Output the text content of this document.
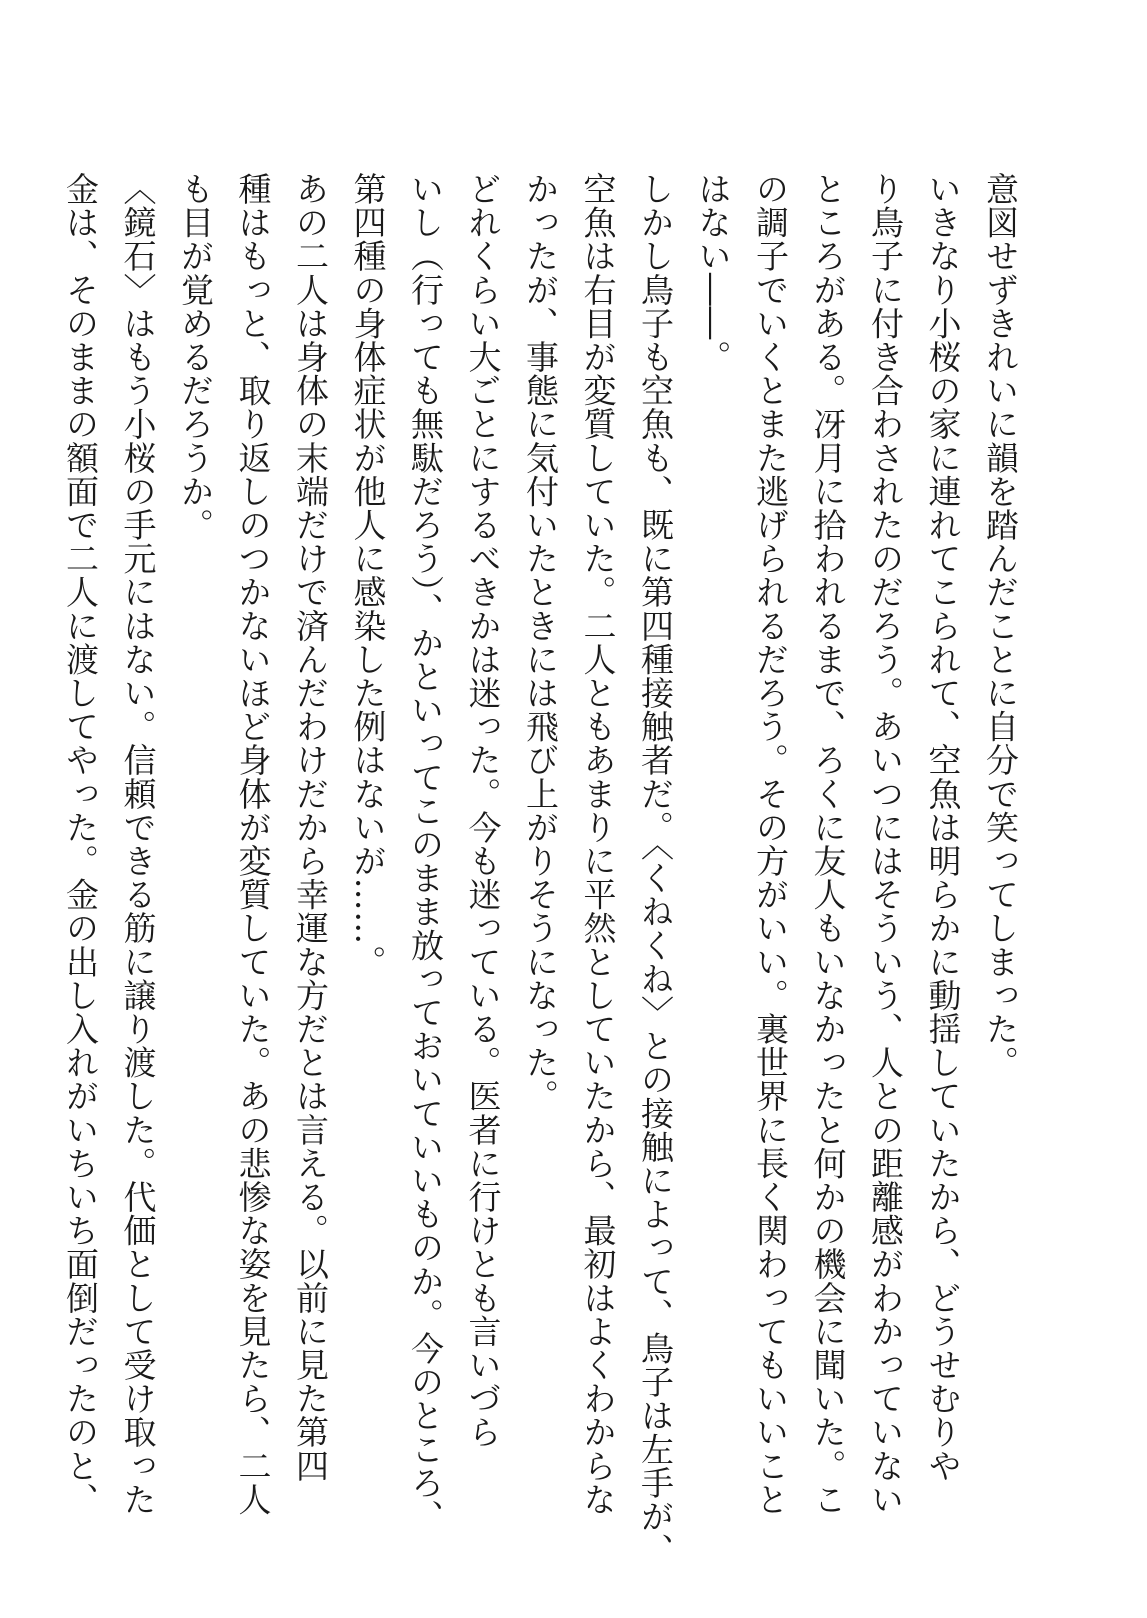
意図せずきれいに韻を踏んだことに自分で笑ってしまった。

いきなり小桜の家に連れてこられて、空魚は明らかに動揺していたから、どうせむりや

り鳥子に付き合わされたのだろう。あいつにはそういう、人との距離感がわかっていない

ところがある。冴月に拾われるまで、ろくに友人もいなかったと何かの機会に聞いた。こ

の調子でいくとまた逃げられるだろう。その方がいい。裏世界に長く関わってもいいこと

はない――。

しかし鳥子も空魚も、既に第四種接触者だ。〈くねくね〉との接触によって、鳥子は左手が、

空魚は右目が変質していた。二人ともあまりに平然としていたから、最初はよくわからな

かったが、事態に気付いたときには飛び上がりそうになった。

どれくらい大ごとにするべきかは迷った。今も迷っている。医者に行けとも言いづら

いし（行っても無駄だろう）、かといってこのまま放っておいていいものか。今のところ、

第四種の身体症状が他人に感染した例はないが……。

あの二人は身体の末端だけで済んだわけだから幸運な方だとは言える。以前に見た第四

種はもっと、取り返しのつかないほど身体が変質していた。あの悲惨な姿を見たら、二人

も目が覚めるだろうか。

〈鏡石〉はもう小桜の手元にはない。信頼できる筋に譲り渡した。代価として受け取った

金は、そのままの額面で二人に渡してやった。金の出し入れがいちいち面倒だったのと、
